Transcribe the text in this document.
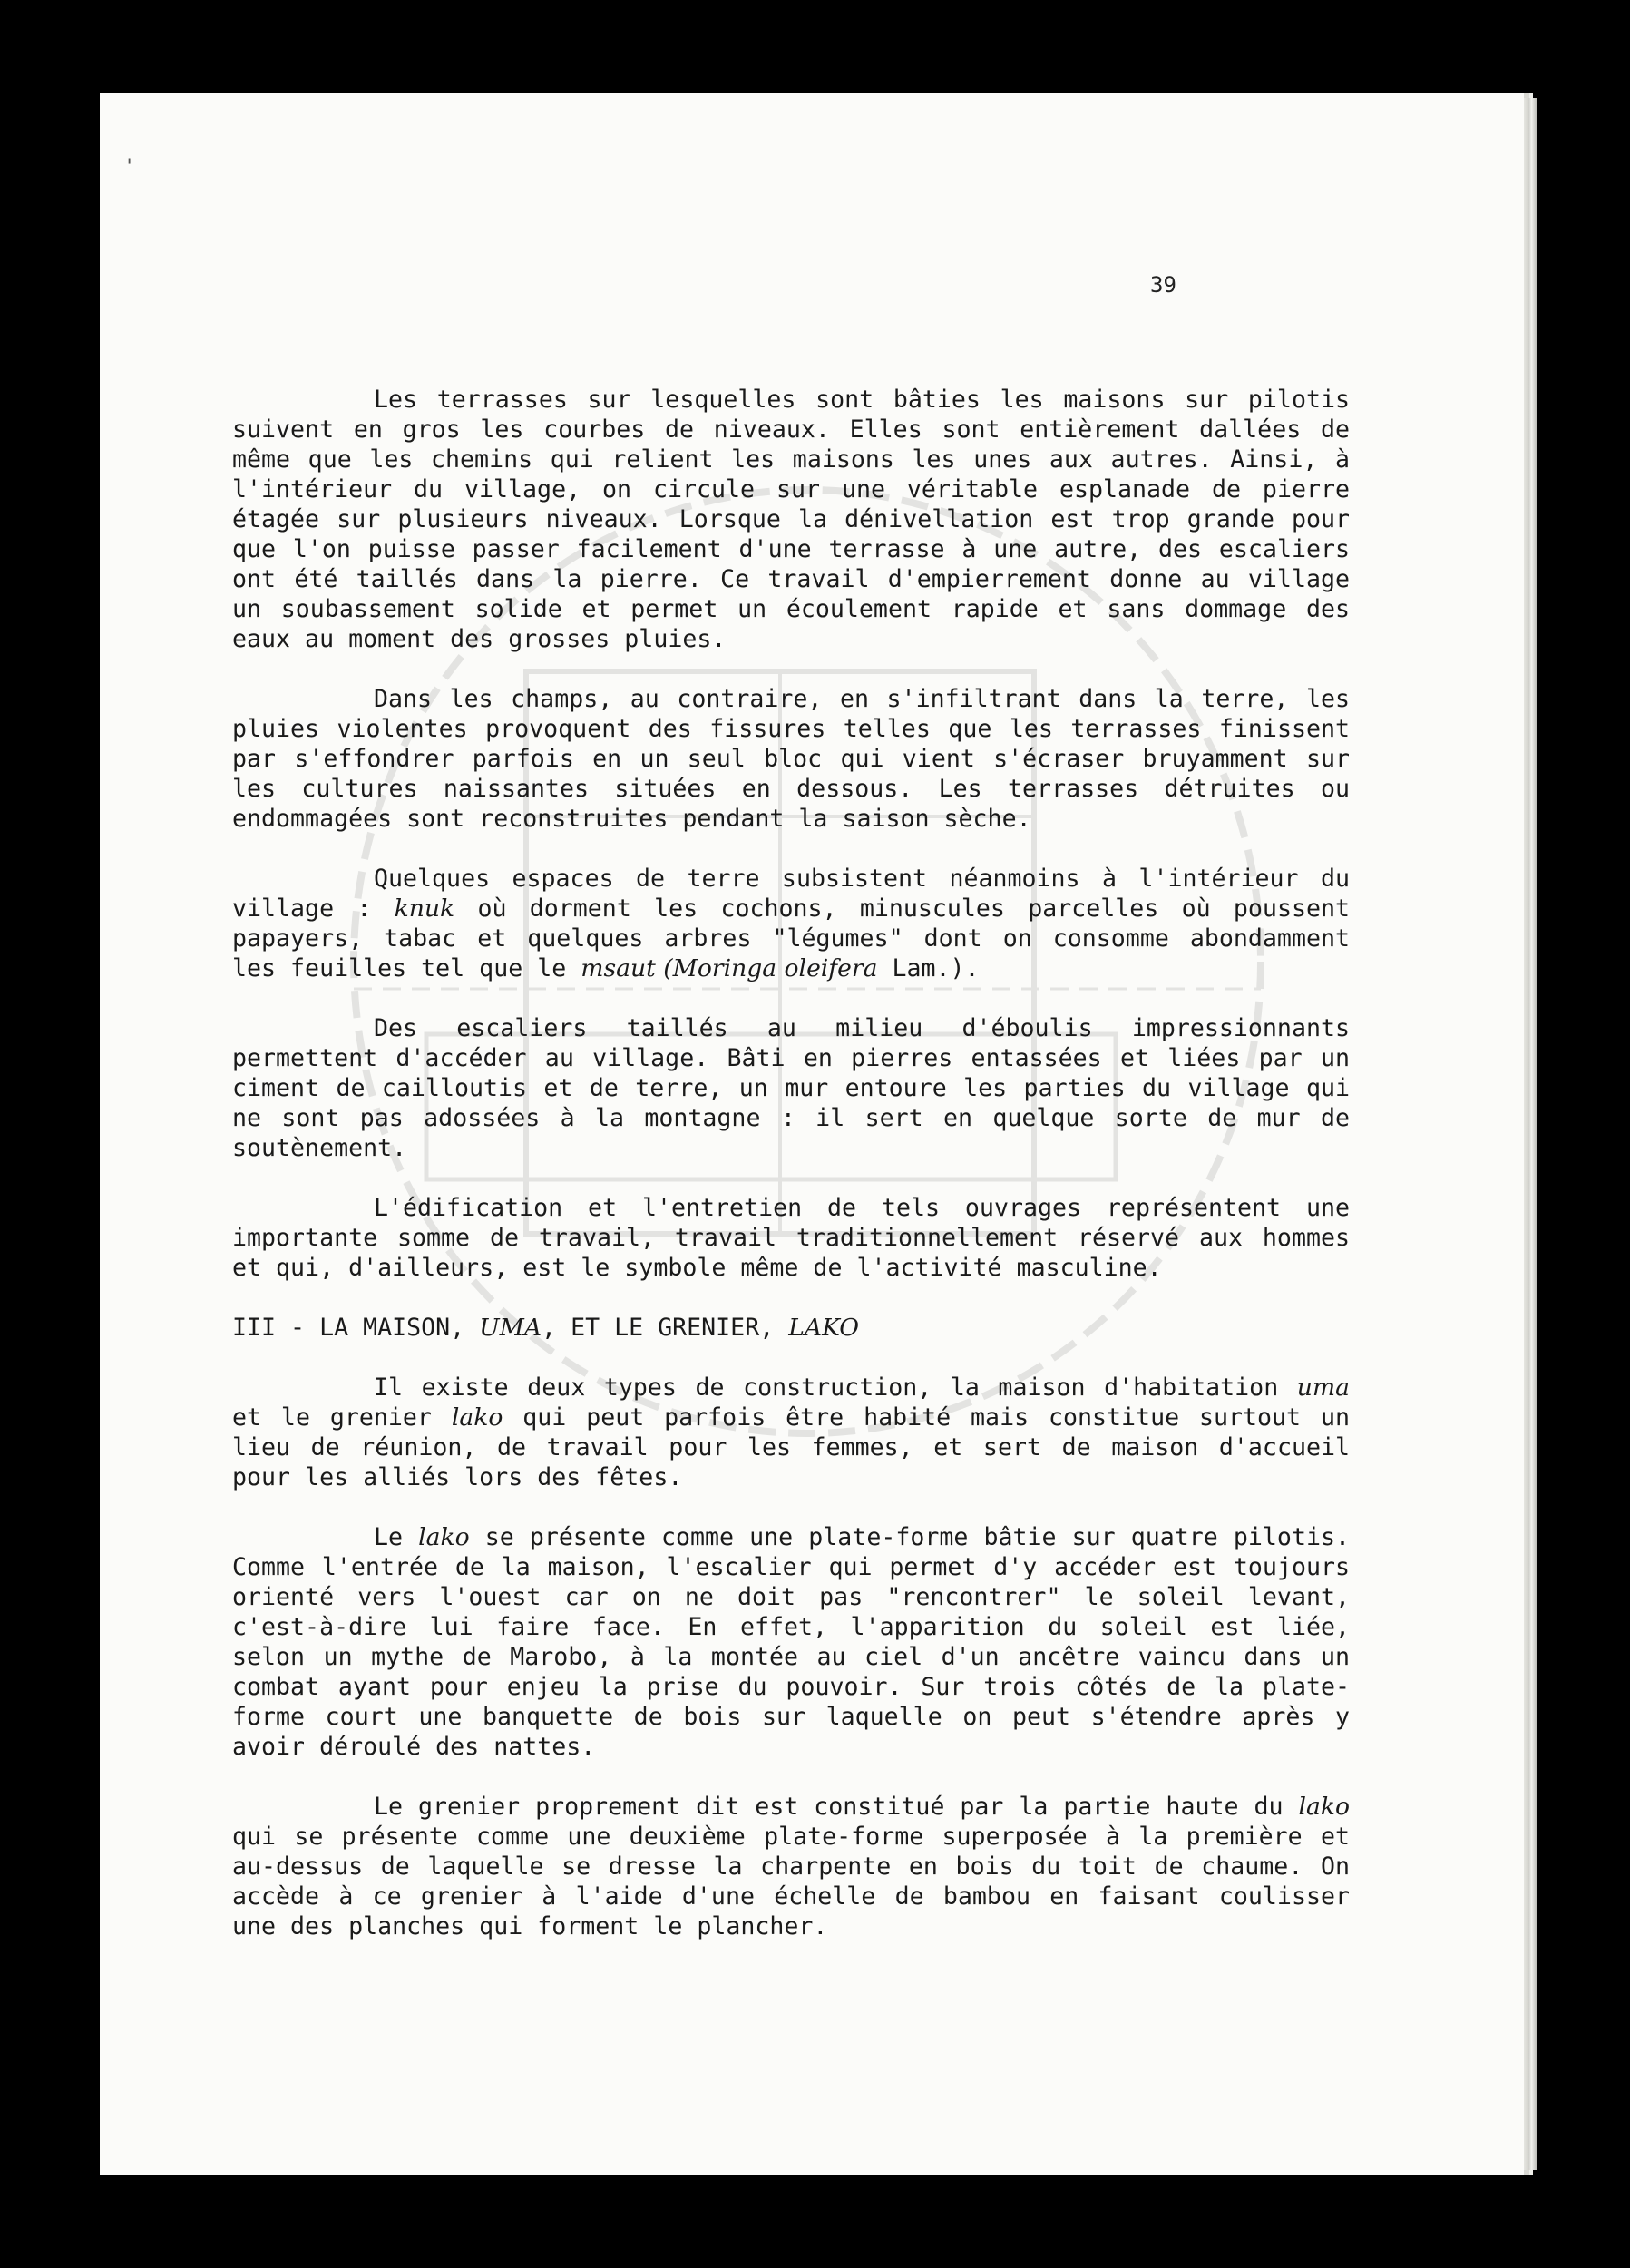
'
39

Les terrasses sur lesquelles sont bâties les maisons sur pilotis suivent en gros les courbes de niveaux. Elles sont entièrement dallées de même que les chemins qui relient les maisons les unes aux autres. Ainsi, à l'intérieur du village, on circule sur une véritable esplanade de pierre étagée sur plusieurs niveaux. Lorsque la dénivellation est trop grande pour que l'on puisse passer facilement d'une terrasse à une autre, des escaliers ont été taillés dans la pierre. Ce travail d'empierrement donne au village un soubassement solide et permet un écoulement rapide et sans dommage des eaux au moment des grosses pluies.

Dans les champs, au contraire, en s'infiltrant dans la terre, les pluies violentes provoquent des fissures telles que les terrasses finissent par s'effondrer parfois en un seul bloc qui vient s'écraser bruyamment sur les cultures naissantes situées en dessous. Les terrasses détruites ou endommagées sont reconstruites pendant la saison sèche.

Quelques espaces de terre subsistent néanmoins à l'intérieur du village : knuk où dorment les cochons, minuscules parcelles où poussent papayers, tabac et quelques arbres "légumes" dont on consomme abondamment les feuilles tel que le msaut (Moringa oleifera Lam.).

Des escaliers taillés au milieu d'éboulis impressionnants permettent d'accéder au village. Bâti en pierres entassées et liées par un ciment de cailloutis et de terre, un mur entoure les parties du village qui ne sont pas adossées à la montagne : il sert en quelque sorte de mur de soutènement.

L'édification et l'entretien de tels ouvrages représentent une importante somme de travail, travail traditionnellement réservé aux hommes et qui, d'ailleurs, est le symbole même de l'activité masculine.

III - LA MAISON, UMA, ET LE GRENIER, LAKO

Il existe deux types de construction, la maison d'habitation uma et le grenier lako qui peut parfois être habité mais constitue surtout un lieu de réunion, de travail pour les femmes, et sert de maison d'accueil pour les alliés lors des fêtes.

Le lako se présente comme une plate-forme bâtie sur quatre pilotis. Comme l'entrée de la maison, l'escalier qui permet d'y accéder est toujours orienté vers l'ouest car on ne doit pas "rencontrer" le soleil levant, c'est-à-dire lui faire face. En effet, l'apparition du soleil est liée, selon un mythe de Marobo, à la montée au ciel d'un ancêtre vaincu dans un combat ayant pour enjeu la prise du pouvoir. Sur trois côtés de la plate-forme court une banquette de bois sur laquelle on peut s'étendre après y avoir déroulé des nattes.

Le grenier proprement dit est constitué par la partie haute du lako qui se présente comme une deuxième plate-forme superposée à la première et au-dessus de laquelle se dresse la charpente en bois du toit de chaume. On accède à ce grenier à l'aide d'une échelle de bambou en faisant coulisser une des planches qui forment le plancher.
